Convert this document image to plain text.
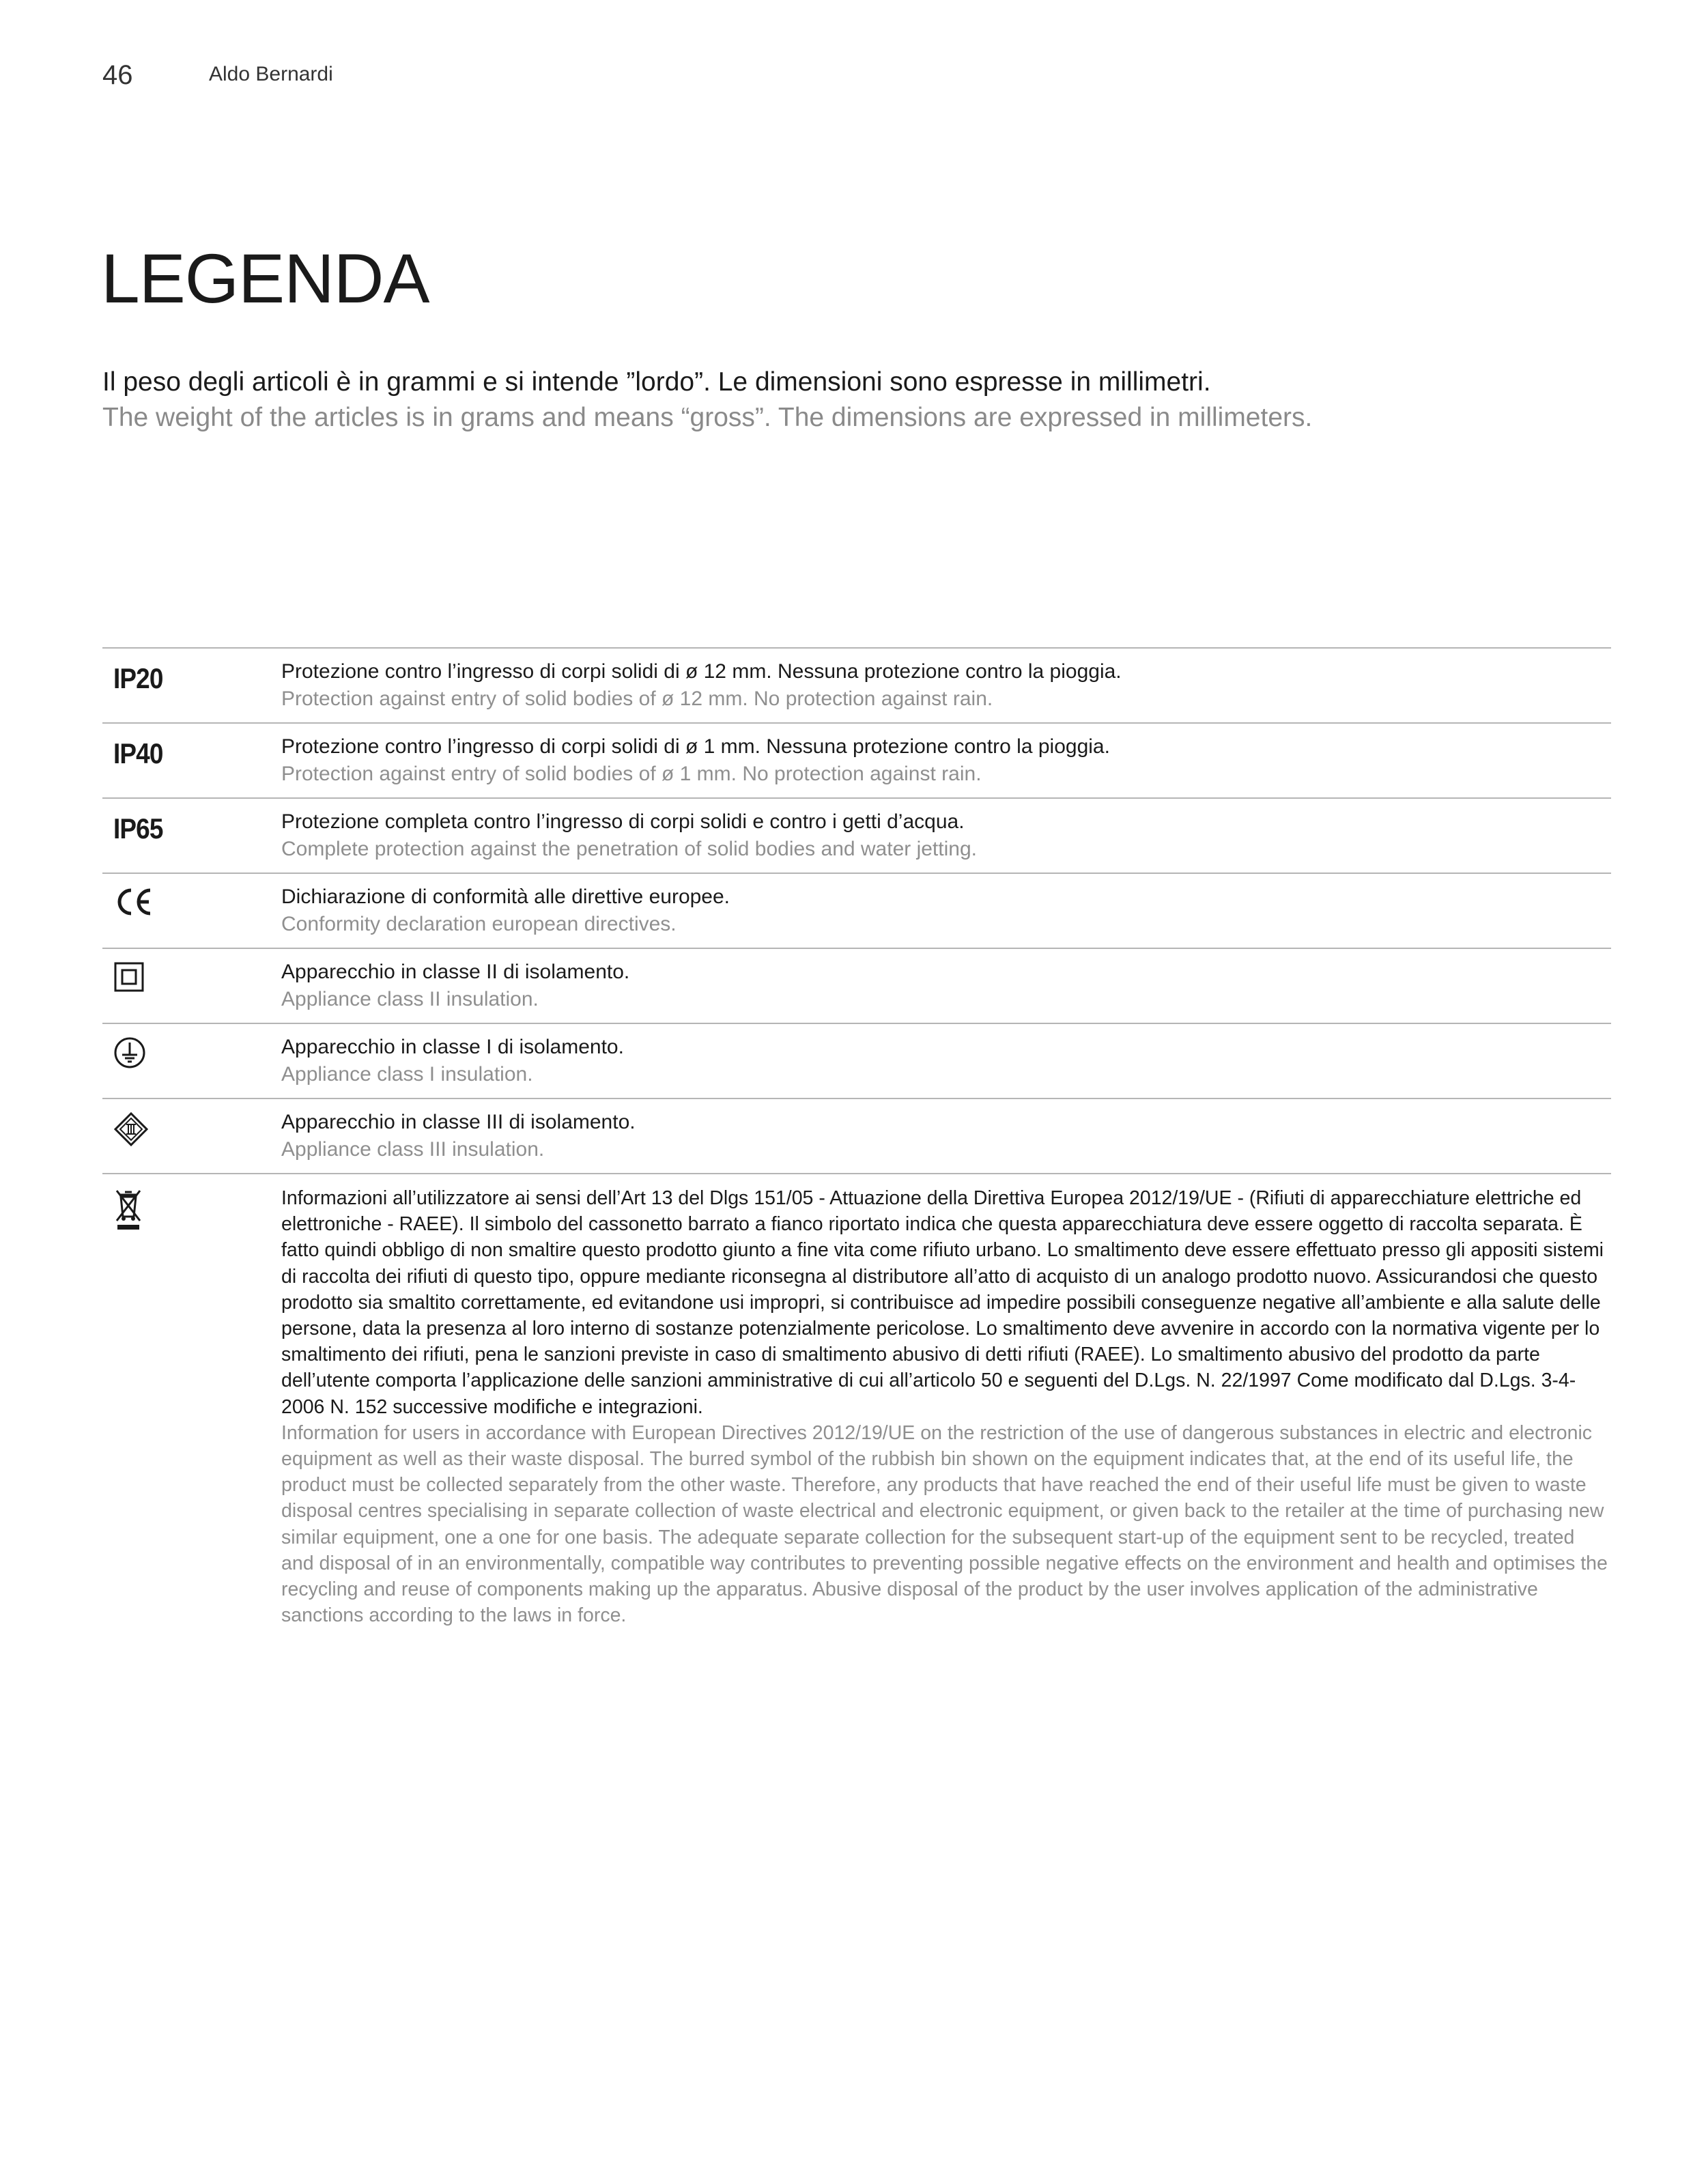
46	Aldo Bernardi
LEGENDA
Il peso degli articoli è in grammi e si intende ”lordo”. Le dimensioni sono espresse in millimetri.
The weight of the articles is in grams and means “gross”. The dimensions are expressed in millimeters.
IP20	Protezione contro l’ingresso di corpi solidi di ø 12 mm. Nessuna protezione contro la pioggia.
Protection against entry of solid bodies of ø 12 mm. No protection against rain.
IP40	Protezione contro l’ingresso di corpi solidi di ø 1 mm. Nessuna protezione contro la pioggia.
Protection against entry of solid bodies of ø 1 mm. No protection against rain.
IP65	Protezione completa contro l’ingresso di corpi solidi e contro i getti d’acqua.
Complete protection against the penetration of solid bodies and water jetting.
Dichiarazione di conformità alle direttive europee.
Conformity declaration european directives.
Apparecchio in classe II di isolamento.
Appliance class II insulation.
Apparecchio in classe I di isolamento.
Appliance class I insulation.
Apparecchio in classe III di isolamento.
Appliance class III insulation.
Informazioni all’utilizzatore ai sensi dell’Art 13 del Dlgs 151/05 - Attuazione della Direttiva Europea 2012/19/UE - (Rifiuti di apparecchiature elettriche ed elettroniche - RAEE). Il simbolo del cassonetto barrato a fianco riportato indica che questa apparecchiatura deve essere oggetto di raccolta separata. È fatto quindi obbligo di non smaltire questo prodotto giunto a fine vita come rifiuto urbano. Lo smaltimento deve essere effettuato presso gli appositi sistemi di raccolta dei rifiuti di questo tipo, oppure mediante riconsegna al distributore all’atto di acquisto di un analogo prodotto nuovo. Assicurandosi che questo prodotto sia smaltito correttamente, ed evitandone usi impropri, si contribuisce ad impedire possibili conseguenze negative all’ambiente e alla salute delle persone, data la presenza al loro interno di sostanze potenzialmente pericolose. Lo smaltimento deve avvenire in accordo con la normativa vigente per lo smaltimento dei rifiuti, pena le sanzioni previste in caso di smaltimento abusivo di detti rifiuti (RAEE). Lo smaltimento abusivo del prodotto da parte dell’utente comporta l’applicazione delle sanzioni amministrative di cui all’articolo 50 e seguenti del D.Lgs. N. 22/1997 Come modificato dal D.Lgs. 3-4-2006 N. 152 successive modifiche e integrazioni.
Information for users in accordance with European Directives 2012/19/UE on the restriction of the use of dangerous substances in electric and electronic equipment as well as their waste disposal. The burred symbol of the rubbish bin shown on the equipment indicates that, at the end of its useful life, the product must be collected separately from the other waste. Therefore, any products that have reached the end of their useful life must be given to waste disposal centres specialising in separate collection of waste electrical and electronic equipment, or given back to the retailer at the time of purchasing new similar equipment, one a one for one basis. The adequate separate collection for the subsequent start-up of the equipment sent to be recycled, treated and disposal of in an environmentally, compatible way contributes to preventing possible negative effects on the environment and health and optimises the recycling and reuse of components making up the apparatus. Abusive disposal of the product by the user involves application of the administrative sanctions according to the laws in force.
